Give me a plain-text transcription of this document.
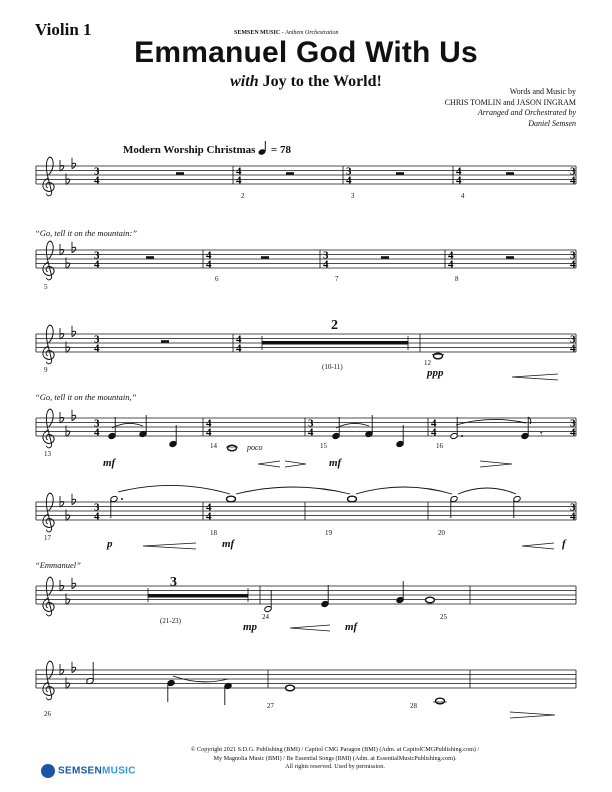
Violin 1	SEMSEN MUSIC - Anthem Orchestration
Emmanuel God With Us
with Joy to the World!
Words and Music by
CHRIS TOMLIN and JASON INGRAM
Arranged and Orchestrated by
Daniel Semsen
Modern Worship Christmas = 78
“Go, tell it on the mountain:”
“Go, tell it on the mountain,”
“Emmanuel”
3
4
4
4
3
4
4
4
3
4
3
4
4
4
3
4
4
4
3
4
3
4
4
4
3
4
3
4
4
4
3
4
4
4
3
4
3
4
4
4
3
4
𝄾
2	3	4
5
6	7	8
9	(10-11)	12
13
14	15	16
17
18	19	20
24
(21-23)	25
26
27	28
2
3
ppp
mf
poco
mf
p	mf	f
mp	mf
© Copyright 2021 S.D.G. Publishing (BMI) / Capitol CMG Paragon (BMI) (Adm. at CapitolCMGPublishing.com) /
My Magnolia Music (BMI) / Be Essential Songs (BMI) (Adm. at EssentialMusicPublishing.com).
All rights reserved. Used by permission.
SEMSENMUSIC
